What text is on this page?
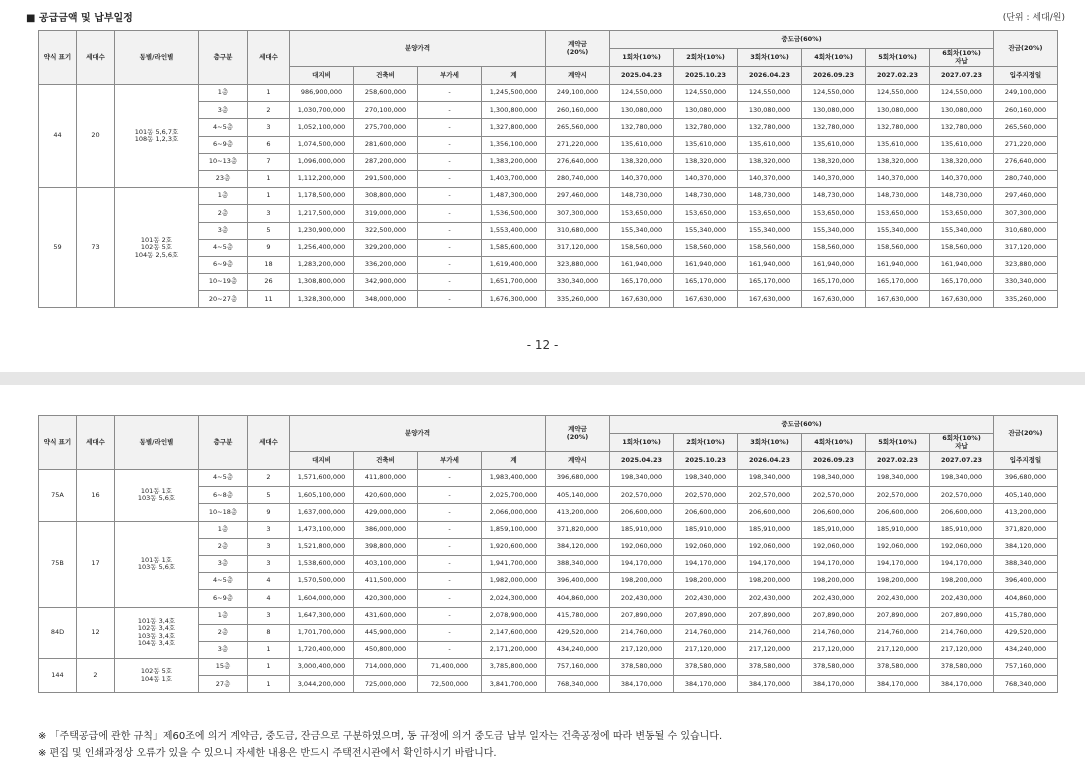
■ 공급금액 및 납부일정	(단위 : 세대/원)
약식 표기	세대수	동별/라인별	층구분	세대수	분양가격				계약금
(20%)	중도금(60%)						잔금(20%)
										1회차(10%)	2회차(10%)	3회차(10%)	4회차(10%)	5회차(10%)	6회차(10%)
자납	
					대지비	건축비	부가세	계	계약시	2025.04.23	2025.10.23	2026.04.23	2026.09.23	2027.02.23	2027.07.23	입주지정일
44	20	101동 5,6,7호
108동 1,2,3호	1층	1	986,900,000	258,600,000	-	1,245,500,000	249,100,000	124,550,000	124,550,000	124,550,000	124,550,000	124,550,000	124,550,000	249,100,000
			3층	2	1,030,700,000	270,100,000	-	1,300,800,000	260,160,000	130,080,000	130,080,000	130,080,000	130,080,000	130,080,000	130,080,000	260,160,000
			4~5층	3	1,052,100,000	275,700,000	-	1,327,800,000	265,560,000	132,780,000	132,780,000	132,780,000	132,780,000	132,780,000	132,780,000	265,560,000
			6~9층	6	1,074,500,000	281,600,000	-	1,356,100,000	271,220,000	135,610,000	135,610,000	135,610,000	135,610,000	135,610,000	135,610,000	271,220,000
			10~13층	7	1,096,000,000	287,200,000	-	1,383,200,000	276,640,000	138,320,000	138,320,000	138,320,000	138,320,000	138,320,000	138,320,000	276,640,000
			23층	1	1,112,200,000	291,500,000	-	1,403,700,000	280,740,000	140,370,000	140,370,000	140,370,000	140,370,000	140,370,000	140,370,000	280,740,000
59	73	101동 2호
102동 5호
104동 2,5,6호	1층	1	1,178,500,000	308,800,000	-	1,487,300,000	297,460,000	148,730,000	148,730,000	148,730,000	148,730,000	148,730,000	148,730,000	297,460,000
			2층	3	1,217,500,000	319,000,000	-	1,536,500,000	307,300,000	153,650,000	153,650,000	153,650,000	153,650,000	153,650,000	153,650,000	307,300,000
			3층	5	1,230,900,000	322,500,000	-	1,553,400,000	310,680,000	155,340,000	155,340,000	155,340,000	155,340,000	155,340,000	155,340,000	310,680,000
			4~5층	9	1,256,400,000	329,200,000	-	1,585,600,000	317,120,000	158,560,000	158,560,000	158,560,000	158,560,000	158,560,000	158,560,000	317,120,000
			6~9층	18	1,283,200,000	336,200,000	-	1,619,400,000	323,880,000	161,940,000	161,940,000	161,940,000	161,940,000	161,940,000	161,940,000	323,880,000
			10~19층	26	1,308,800,000	342,900,000	-	1,651,700,000	330,340,000	165,170,000	165,170,000	165,170,000	165,170,000	165,170,000	165,170,000	330,340,000
			20~27층	11	1,328,300,000	348,000,000	-	1,676,300,000	335,260,000	167,630,000	167,630,000	167,630,000	167,630,000	167,630,000	167,630,000	335,260,000
- 12 -
약식 표기	세대수	동별/라인별	층구분	세대수	분양가격				계약금
(20%)	중도금(60%)						잔금(20%)
										1회차(10%)	2회차(10%)	3회차(10%)	4회차(10%)	5회차(10%)	6회차(10%)
자납	
					대지비	건축비	부가세	계	계약시	2025.04.23	2025.10.23	2026.04.23	2026.09.23	2027.02.23	2027.07.23	입주지정일
75A	16	101동 1호
103동 5,6호	4~5층	2	1,571,600,000	411,800,000	-	1,983,400,000	396,680,000	198,340,000	198,340,000	198,340,000	198,340,000	198,340,000	198,340,000	396,680,000
			6~8층	5	1,605,100,000	420,600,000	-	2,025,700,000	405,140,000	202,570,000	202,570,000	202,570,000	202,570,000	202,570,000	202,570,000	405,140,000
			10~18층	9	1,637,000,000	429,000,000	-	2,066,000,000	413,200,000	206,600,000	206,600,000	206,600,000	206,600,000	206,600,000	206,600,000	413,200,000
75B	17	101동 1호
103동 5,6호	1층	3	1,473,100,000	386,000,000	-	1,859,100,000	371,820,000	185,910,000	185,910,000	185,910,000	185,910,000	185,910,000	185,910,000	371,820,000
			2층	3	1,521,800,000	398,800,000	-	1,920,600,000	384,120,000	192,060,000	192,060,000	192,060,000	192,060,000	192,060,000	192,060,000	384,120,000
			3층	3	1,538,600,000	403,100,000	-	1,941,700,000	388,340,000	194,170,000	194,170,000	194,170,000	194,170,000	194,170,000	194,170,000	388,340,000
			4~5층	4	1,570,500,000	411,500,000	-	1,982,000,000	396,400,000	198,200,000	198,200,000	198,200,000	198,200,000	198,200,000	198,200,000	396,400,000
			6~9층	4	1,604,000,000	420,300,000	-	2,024,300,000	404,860,000	202,430,000	202,430,000	202,430,000	202,430,000	202,430,000	202,430,000	404,860,000
84D	12	101동 3,4호
102동 3,4호
103동 3,4호
104동 3,4호	1층	3	1,647,300,000	431,600,000	-	2,078,900,000	415,780,000	207,890,000	207,890,000	207,890,000	207,890,000	207,890,000	207,890,000	415,780,000
			2층	8	1,701,700,000	445,900,000	-	2,147,600,000	429,520,000	214,760,000	214,760,000	214,760,000	214,760,000	214,760,000	214,760,000	429,520,000
			3층	1	1,720,400,000	450,800,000	-	2,171,200,000	434,240,000	217,120,000	217,120,000	217,120,000	217,120,000	217,120,000	217,120,000	434,240,000
144	2	102동 5호
104동 1호	15층	1	3,000,400,000	714,000,000	71,400,000	3,785,800,000	757,160,000	378,580,000	378,580,000	378,580,000	378,580,000	378,580,000	378,580,000	757,160,000
			27층	1	3,044,200,000	725,000,000	72,500,000	3,841,700,000	768,340,000	384,170,000	384,170,000	384,170,000	384,170,000	384,170,000	384,170,000	768,340,000
※ 「주택공급에 관한 규칙」제60조에 의거 계약금, 중도금, 잔금으로 구분하였으며, 동 규정에 의거 중도금 납부 일자는 건축공정에 따라 변동될 수 있습니다.
※ 편집 및 인쇄과정상 오류가 있을 수 있으니 자세한 내용은 반드시 주택전시관에서 확인하시기 바랍니다.
